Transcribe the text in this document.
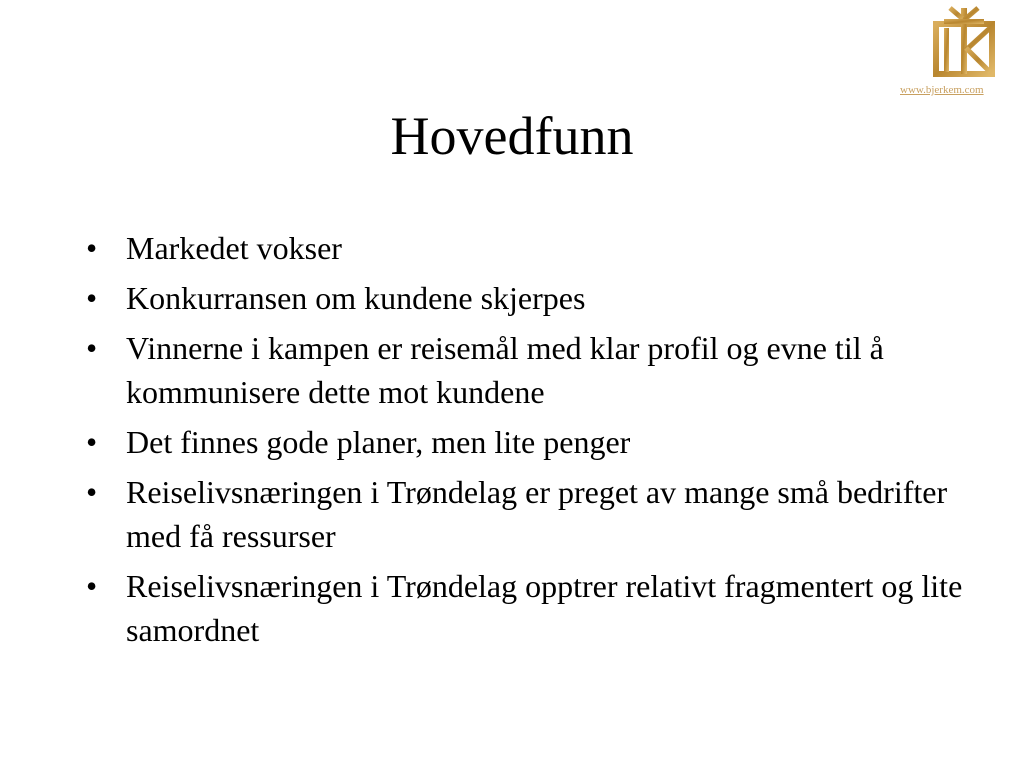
www.bjerkem.com
Hovedfunn
• Markedet vokser
• Konkurransen om kundene skjerpes
• Vinnerne i kampen er reisemål med klar profil og evne til å kommunisere dette mot kundene
• Det finnes gode planer, men lite penger
• Reiselivsnæringen i Trøndelag er preget av mange små bedrifter med få ressurser
• Reiselivsnæringen i Trøndelag opptrer relativt fragmentert og lite samordnet
